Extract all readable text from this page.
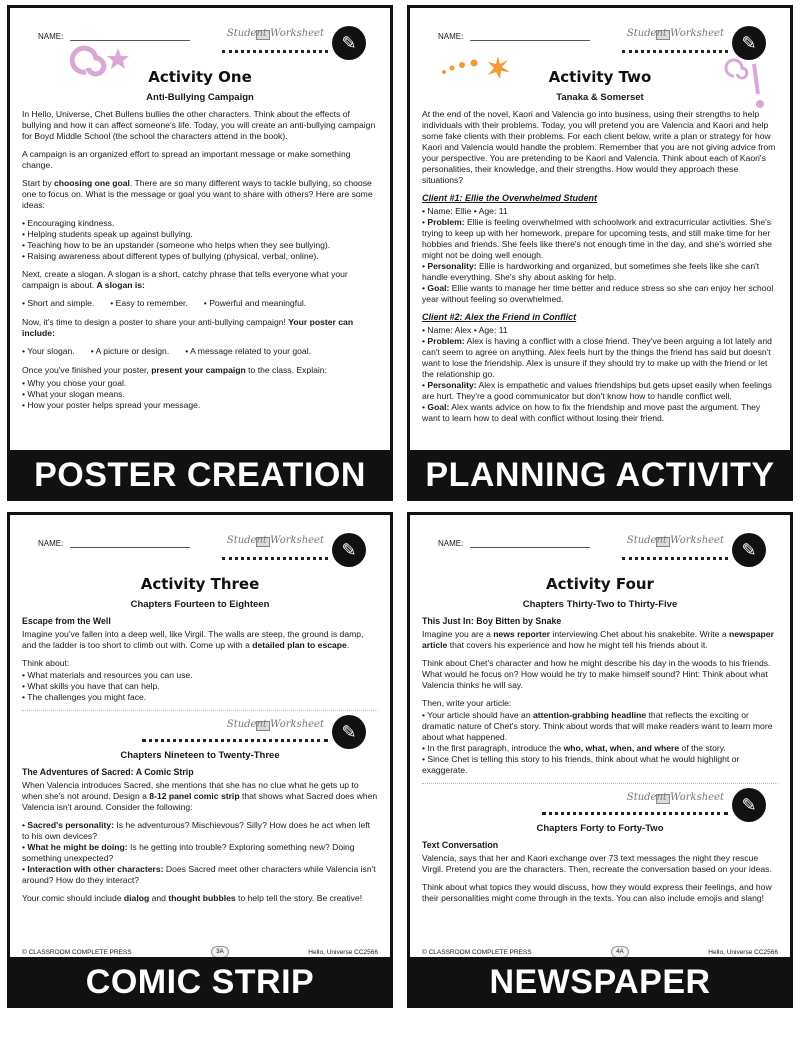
NAME:	Student Worksheet ✎
Activity One
Anti-Bullying Campaign

In Hello, Universe, Chet Bullens bullies the other characters. Think about the effects of bullying and how it can affect someone's life. Today, you will create an anti-bullying campaign for Boyd Middle School (the school the characters attend in the book).

A campaign is an organized effort to spread an important message or make something change.

Start by choosing one goal. There are so many different ways to tackle bullying, so choose one to focus on. What is the message or goal you want to share with others? Here are some ideas:

• Encouraging kindness.
• Helping students speak up against bullying.
• Teaching how to be an upstander (someone who helps when they see bullying).
• Raising awareness about different types of bullying (physical, verbal, online).

Next, create a slogan. A slogan is a short, catchy phrase that tells everyone what your campaign is about. A slogan is:

• Short and simple. • Easy to remember. • Powerful and meaningful.

Now, it's time to design a poster to share your anti-bullying campaign! Your poster can include:

• Your slogan. • A picture or design. • A message related to your goal.

Once you've finished your poster, present your campaign to the class. Explain:

• Why you chose your goal.
• What your slogan means.
• How your poster helps spread your message.
POSTER CREATION
NAME:	Student Worksheet ✎
Activity Two
Tanaka & Somerset

At the end of the novel, Kaori and Valencia go into business, using their strengths to help individuals with their problems. Today, you will pretend you are Valencia and Kaori and help some fake clients with their problems. For each client below, write a plan or strategy for how Kaori and Valencia would handle the problem. Remember that you are not giving advice from your perspective. You are pretending to be Kaori and Valencia. Think about each of Kaori's personalities, their knowledge, and their strengths. How would they approach these situations?

Client #1: Ellie the Overwhelmed Student
• Name: Ellie • Age: 11
• Problem: Ellie is feeling overwhelmed with schoolwork and extracurricular activities. She's trying to keep up with her homework, prepare for upcoming tests, and still make time for her hobbies and friends. She feels like there's not enough time in the day, and she's worried she might not be doing well enough.
• Personality: Ellie is hardworking and organized, but sometimes she feels like she can't handle everything. She's shy about asking for help.
• Goal: Ellie wants to manage her time better and reduce stress so she can enjoy her school year without feeling so overwhelmed.
Client #2: Alex the Friend in Conflict
• Name: Alex • Age: 11
• Problem: Alex is having a conflict with a close friend. They've been arguing a lot lately and can't seem to agree on anything. Alex feels hurt by the things the friend has said but doesn't want to lose the friendship. Alex is unsure if they should try to make up with the friend or let the relationship go.
• Personality: Alex is empathetic and values friendships but gets upset easily when feelings are hurt. They're a good communicator but don't know how to handle conflict well.
• Goal: Alex wants advice on how to fix the friendship and move past the argument. They want to learn how to deal with conflict without losing their friend.
PLANNING ACTIVITY
NAME:	Student Worksheet ✎
Activity Three
Chapters Fourteen to Eighteen
Escape from the Well

Imagine you've fallen into a deep well, like Virgil. The walls are steep, the ground is damp, and the ladder is too short to climb out with. Come up with a detailed plan to escape.

Think about:

• What materials and resources you can use.
• What skills you have that can help.
• The challenges you might face.
Student Worksheet ✎
Chapters Nineteen to Twenty-Three
The Adventures of Sacred: A Comic Strip

When Valencia introduces Sacred, she mentions that she has no clue what he gets up to when she's not around. Design a 8-12 panel comic strip that shows what Sacred does when Valencia isn't around. Consider the following:

• Sacred's personality: Is he adventurous? Mischievous? Silly? How does he act when left to his own devices?
• What he might be doing: Is he getting into trouble? Exploring something new? Doing something unexpected?
• Interaction with other characters: Does Sacred meet other characters while Valencia isn't around? How do they interact?

Your comic should include dialog and thought bubbles to help tell the story. Be creative!

© CLASSROOM COMPLETE PRESS	3A	Hello, Universe CC2566
COMIC STRIP
NAME:	Student Worksheet ✎
Activity Four
Chapters Thirty-Two to Thirty-Five
This Just In: Boy Bitten by Snake

Imagine you are a news reporter interviewing Chet about his snakebite. Write a newspaper article that covers his experience and how he might tell his friends about it.

Think about Chet's character and how he might describe his day in the woods to his friends. What would he focus on? How would he try to make himself sound? Hint: Think about what Valencia thinks he will say.

Then, write your article:

• Your article should have an attention-grabbing headline that reflects the exciting or dramatic nature of Chet's story. Think about words that will make readers want to learn more about what happened.
• In the first paragraph, introduce the who, what, when, and where of the story.
• Since Chet is telling this story to his friends, think about what he would highlight or exaggerate.
Student Worksheet ✎
Chapters Forty to Forty-Two
Text Conversation

Valencia, says that her and Kaori exchange over 73 text messages the night they rescue Virgil. Pretend you are the characters. Then, recreate the conversation based on your ideas.

Think about what topics they would discuss, how they would express their feelings, and how their personalities might come through in the texts. You can also include emojis and slang!

© CLASSROOM COMPLETE PRESS	4A	Hello, Universe CC2566
NEWSPAPER ARTICLE
